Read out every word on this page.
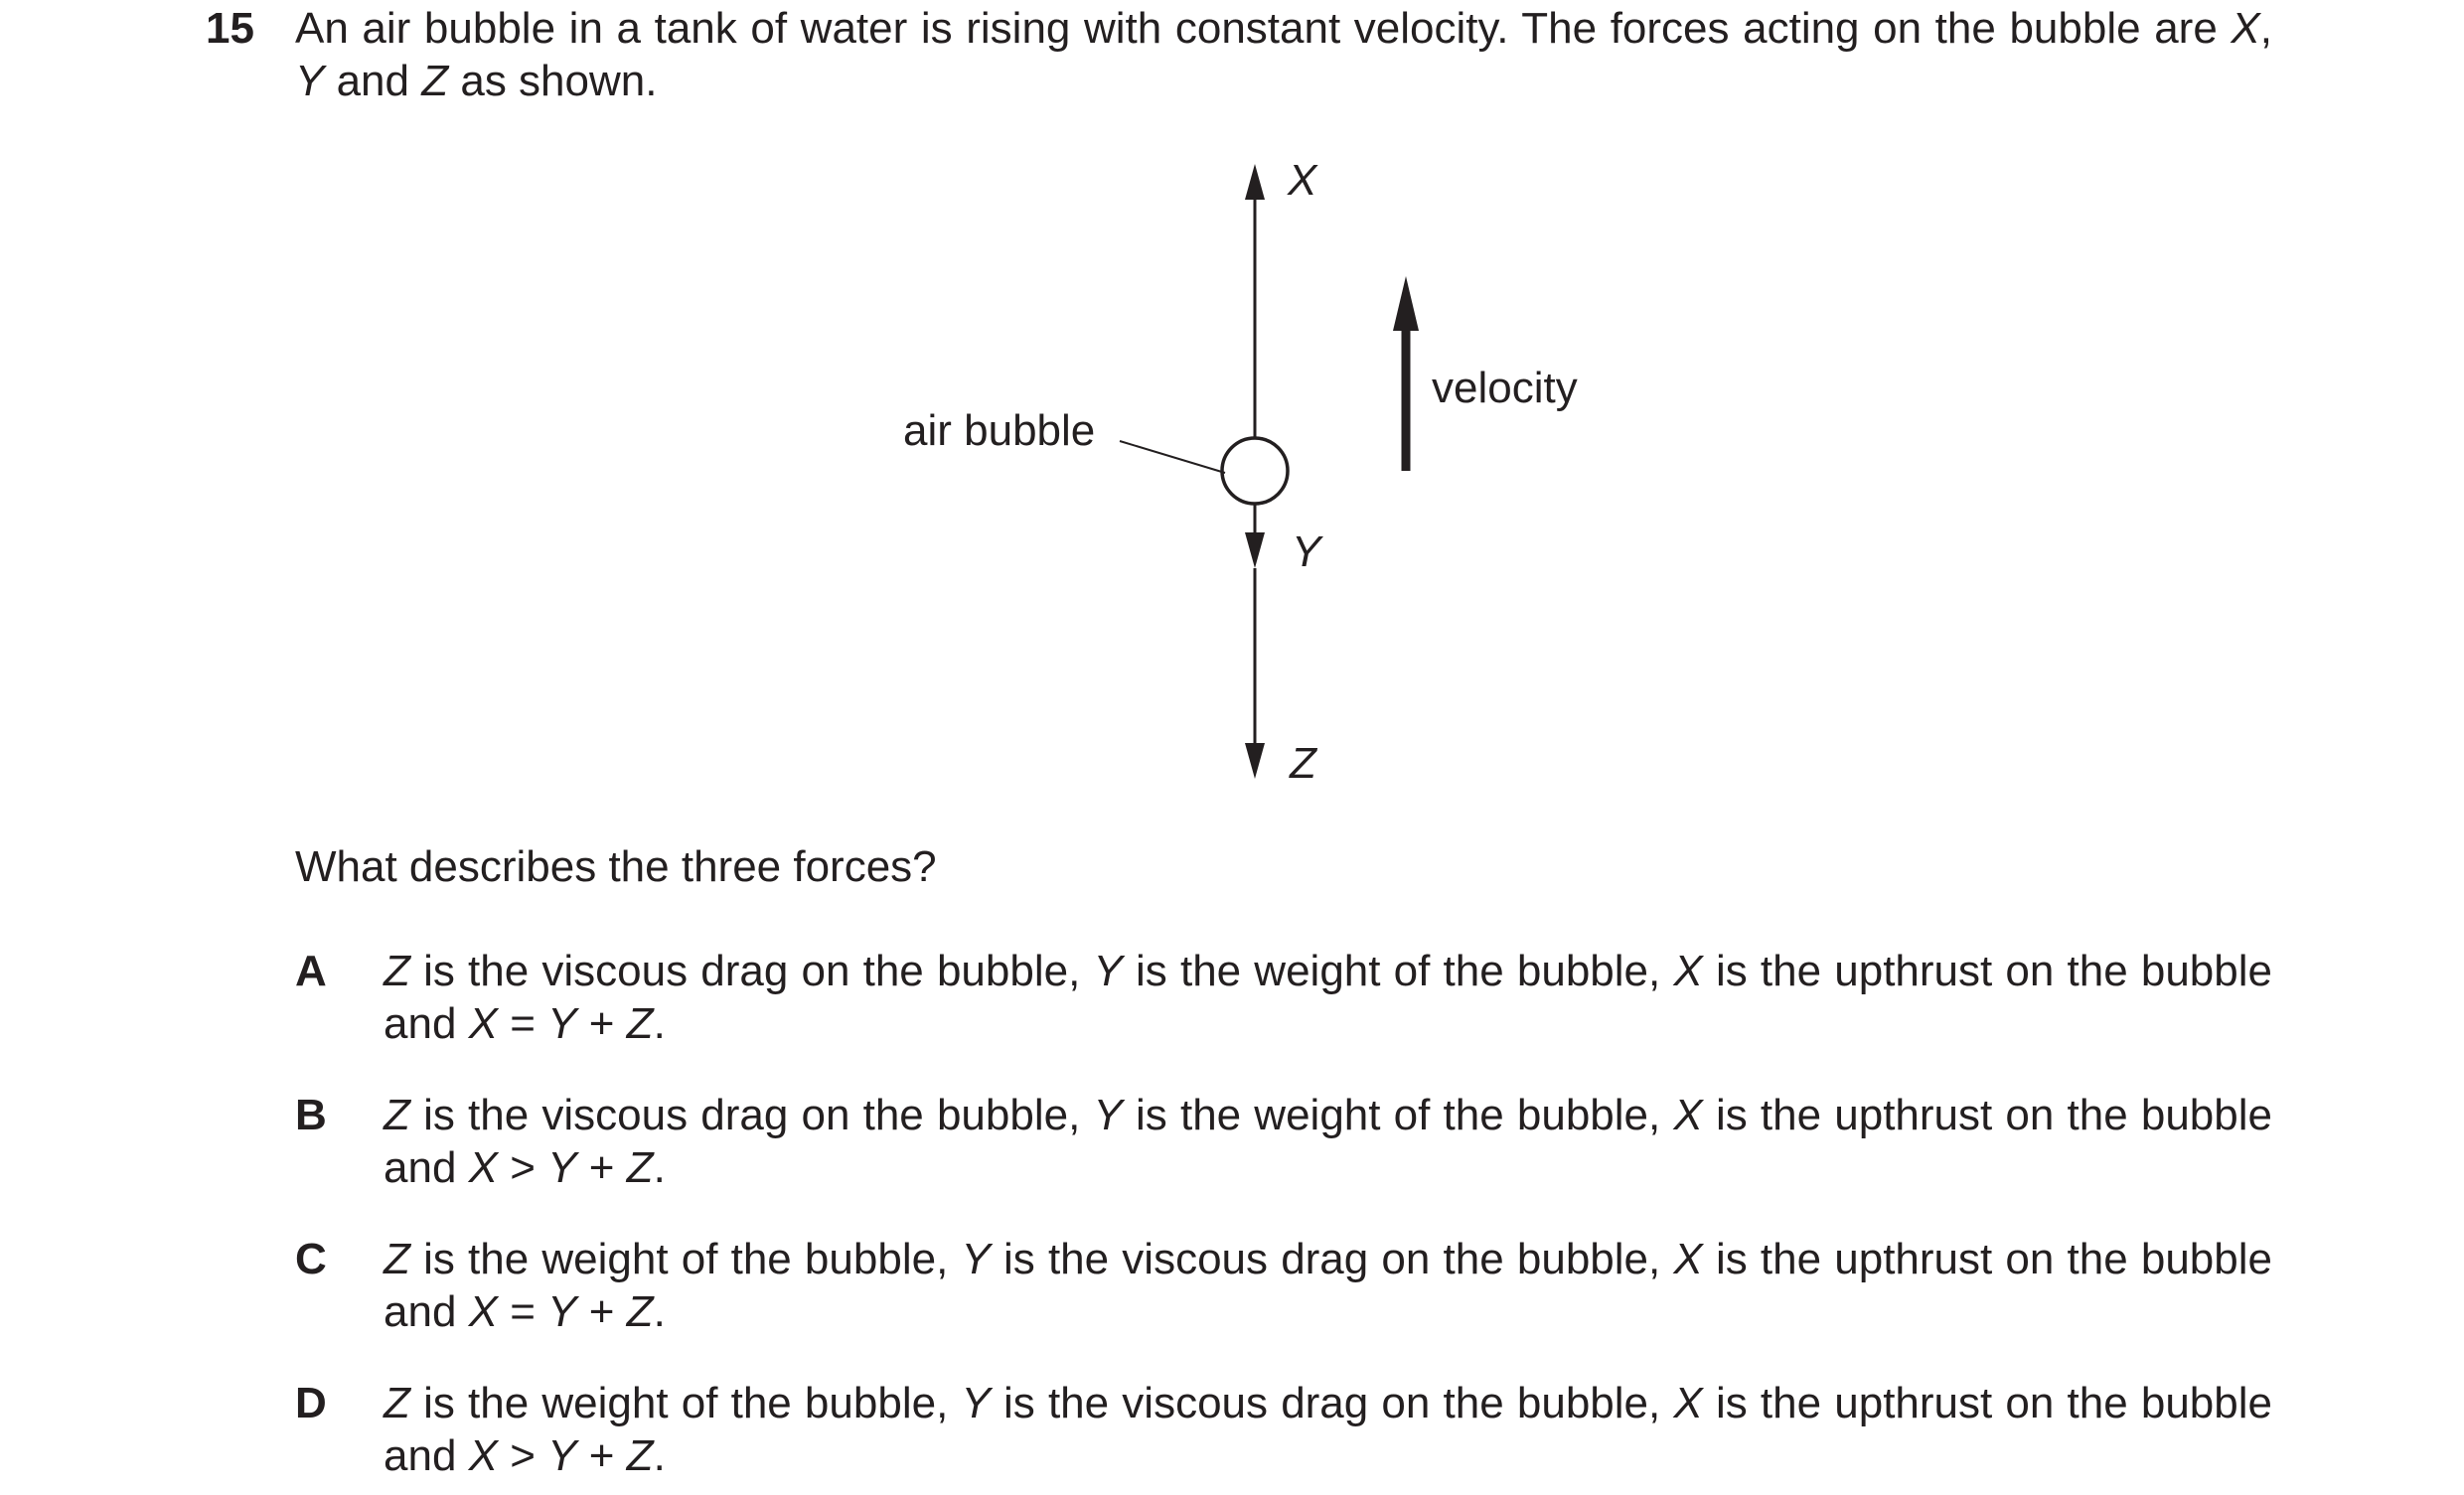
15 An air bubble in a tank of water is rising with constant velocity. The forces acting on the bubble are X, Y and Z as shown.
X
Y
Z
air bubble
velocity
What describes the three forces?
A Z is the viscous drag on the bubble, Y is the weight of the bubble, X is the upthrust on the bubble and X = Y + Z.
B Z is the viscous drag on the bubble, Y is the weight of the bubble, X is the upthrust on the bubble and X > Y + Z.
C Z is the weight of the bubble, Y is the viscous drag on the bubble, X is the upthrust on the bubble and X = Y + Z.
D Z is the weight of the bubble, Y is the viscous drag on the bubble, X is the upthrust on the bubble and X > Y + Z.
